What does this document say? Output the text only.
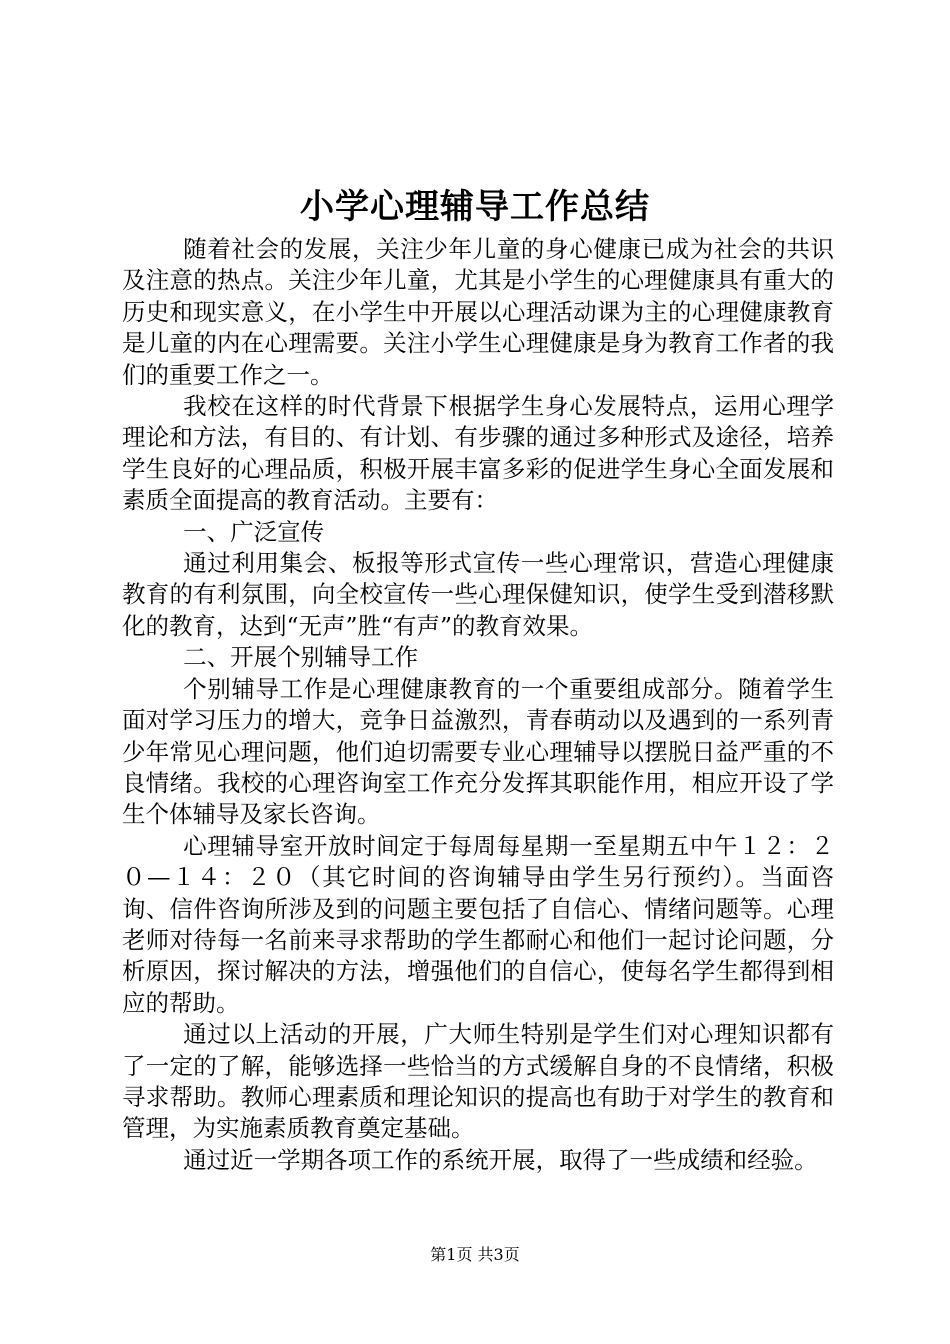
小学心理辅导工作总结

随着社会的发展，关注少年儿童的身心健康已成为社会的共识及注意的热点。关注少年儿童，尤其是小学生的心理健康具有重大的历史和现实意义，在小学生中开展以心理活动课为主的心理健康教育是儿童的内在心理需要。关注小学生心理健康是身为教育工作者的我们的重要工作之一。

我校在这样的时代背景下根据学生身心发展特点，运用心理学理论和方法，有目的、有计划、有步骤的通过多种形式及途径，培养学生良好的心理品质，积极开展丰富多彩的促进学生身心全面发展和素质全面提高的教育活动。主要有：

一、广泛宣传

通过利用集会、板报等形式宣传一些心理常识，营造心理健康教育的有利氛围，向全校宣传一些心理保健知识，使学生受到潜移默化的教育，达到“无声”胜“有声”的教育效果。

二、开展个别辅导工作

个别辅导工作是心理健康教育的一个重要组成部分。随着学生面对学习压力的增大，竞争日益激烈，青春萌动以及遇到的一系列青少年常见心理问题，他们迫切需要专业心理辅导以摆脱日益严重的不良情绪。我校的心理咨询室工作充分发挥其职能作用，相应开设了学生个体辅导及家长咨询。

心理辅导室开放时间定于每周每星期一至星期五中午１２：２０—１４：２０（其它时间的咨询辅导由学生另行预约）。当面咨询、信件咨询所涉及到的问题主要包括了自信心、情绪问题等。心理老师对待每一名前来寻求帮助的学生都耐心和他们一起讨论问题，分析原因，探讨解决的方法，增强他们的自信心，使每名学生都得到相应的帮助。

通过以上活动的开展，广大师生特别是学生们对心理知识都有了一定的了解，能够选择一些恰当的方式缓解自身的不良情绪，积极寻求帮助。教师心理素质和理论知识的提高也有助于对学生的教育和管理，为实施素质教育奠定基础。

通过近一学期各项工作的系统开展，取得了一些成绩和经验。

第1页 共3页
